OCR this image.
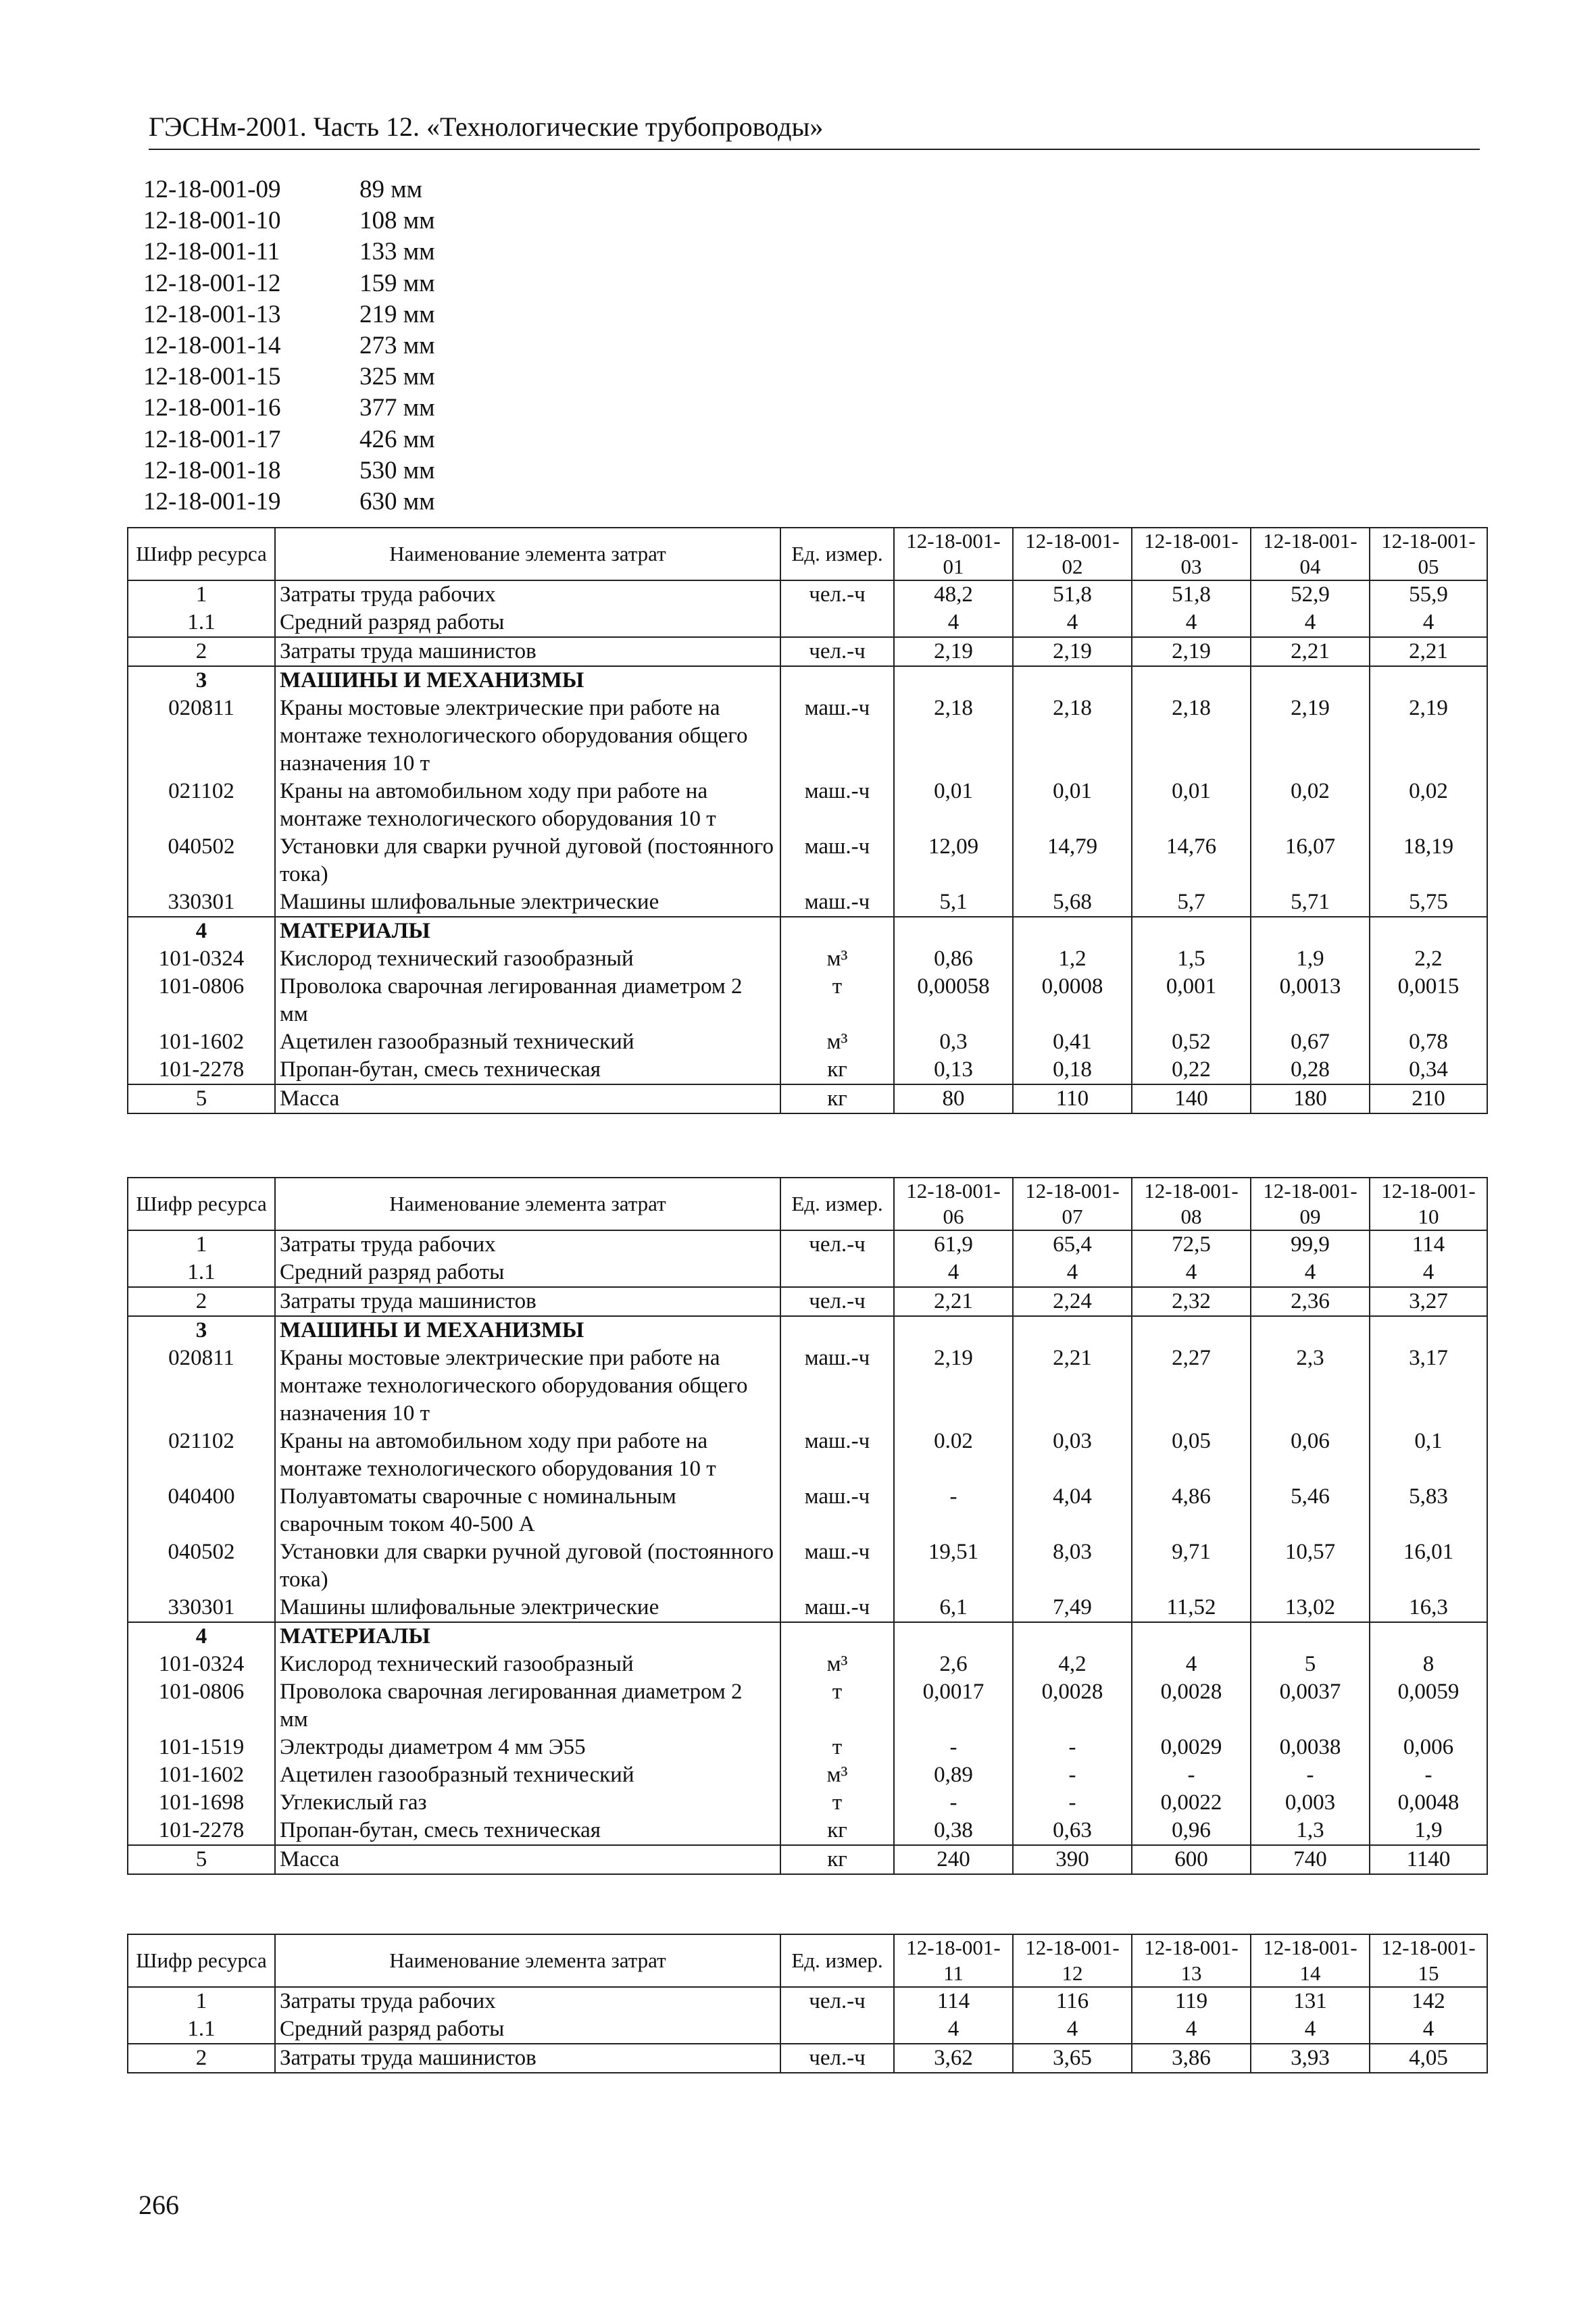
ГЭСНм-2001. Часть 12. «Технологические трубопроводы»
12-18-001-09	89 мм
12-18-001-10	108 мм
12-18-001-11	133 мм
12-18-001-12	159 мм
12-18-001-13	219 мм
12-18-001-14	273 мм
12-18-001-15	325 мм
12-18-001-16	377 мм
12-18-001-17	426 мм
12-18-001-18	530 мм
12-18-001-19	630 мм
Шифр ресурса	Наименование элемента затрат	Ед. измер.	12-18-001-01	12-18-001-02	12-18-001-03	12-18-001-04	12-18-001-05
1	Затраты труда рабочих	чел.-ч	48,2	51,8	51,8	52,9	55,9
1.1	Средний разряд работы		4	4	4	4	4
2	Затраты труда машинистов	чел.-ч	2,19	2,19	2,19	2,21	2,21
3	МАШИНЫ И МЕХАНИЗМЫ						
020811	Краны мостовые электрические при работе на монтаже технологического оборудования общего назначения 10 т	маш.-ч	2,18	2,18	2,18	2,19	2,19
021102	Краны на автомобильном ходу при работе на монтаже технологического оборудования 10 т	маш.-ч	0,01	0,01	0,01	0,02	0,02
040502	Установки для сварки ручной дуговой (постоянного тока)	маш.-ч	12,09	14,79	14,76	16,07	18,19
330301	Машины шлифовальные электрические	маш.-ч	5,1	5,68	5,7	5,71	5,75
4	МАТЕРИАЛЫ						
101-0324	Кислород технический газообразный	м³	0,86	1,2	1,5	1,9	2,2
101-0806	Проволока сварочная легированная диаметром 2 мм	т	0,00058	0,0008	0,001	0,0013	0,0015
101-1602	Ацетилен газообразный технический	м³	0,3	0,41	0,52	0,67	0,78
101-2278	Пропан-бутан, смесь техническая	кг	0,13	0,18	0,22	0,28	0,34
5	Масса	кг	80	110	140	180	210
Шифр ресурса	Наименование элемента затрат	Ед. измер.	12-18-001-06	12-18-001-07	12-18-001-08	12-18-001-09	12-18-001-10
1	Затраты труда рабочих	чел.-ч	61,9	65,4	72,5	99,9	114
1.1	Средний разряд работы		4	4	4	4	4
2	Затраты труда машинистов	чел.-ч	2,21	2,24	2,32	2,36	3,27
3	МАШИНЫ И МЕХАНИЗМЫ						
020811	Краны мостовые электрические при работе на монтаже технологического оборудования общего назначения 10 т	маш.-ч	2,19	2,21	2,27	2,3	3,17
021102	Краны на автомобильном ходу при работе на монтаже технологического оборудования 10 т	маш.-ч	0.02	0,03	0,05	0,06	0,1
040400	Полуавтоматы сварочные с номинальным сварочным током 40-500 А	маш.-ч	-	4,04	4,86	5,46	5,83
040502	Установки для сварки ручной дуговой (постоянного тока)	маш.-ч	19,51	8,03	9,71	10,57	16,01
330301	Машины шлифовальные электрические	маш.-ч	6,1	7,49	11,52	13,02	16,3
4	МАТЕРИАЛЫ						
101-0324	Кислород технический газообразный	м³	2,6	4,2	4	5	8
101-0806	Проволока сварочная легированная диаметром 2 мм	т	0,0017	0,0028	0,0028	0,0037	0,0059
101-1519	Электроды диаметром 4 мм Э55	т	-	-	0,0029	0,0038	0,006
101-1602	Ацетилен газообразный технический	м³	0,89	-	-	-	-
101-1698	Углекислый газ	т	-	-	0,0022	0,003	0,0048
101-2278	Пропан-бутан, смесь техническая	кг	0,38	0,63	0,96	1,3	1,9
5	Масса	кг	240	390	600	740	1140
Шифр ресурса	Наименование элемента затрат	Ед. измер.	12-18-001-11	12-18-001-12	12-18-001-13	12-18-001-14	12-18-001-15
1	Затраты труда рабочих	чел.-ч	114	116	119	131	142
1.1	Средний разряд работы		4	4	4	4	4
2	Затраты труда машинистов	чел.-ч	3,62	3,65	3,86	3,93	4,05
266
